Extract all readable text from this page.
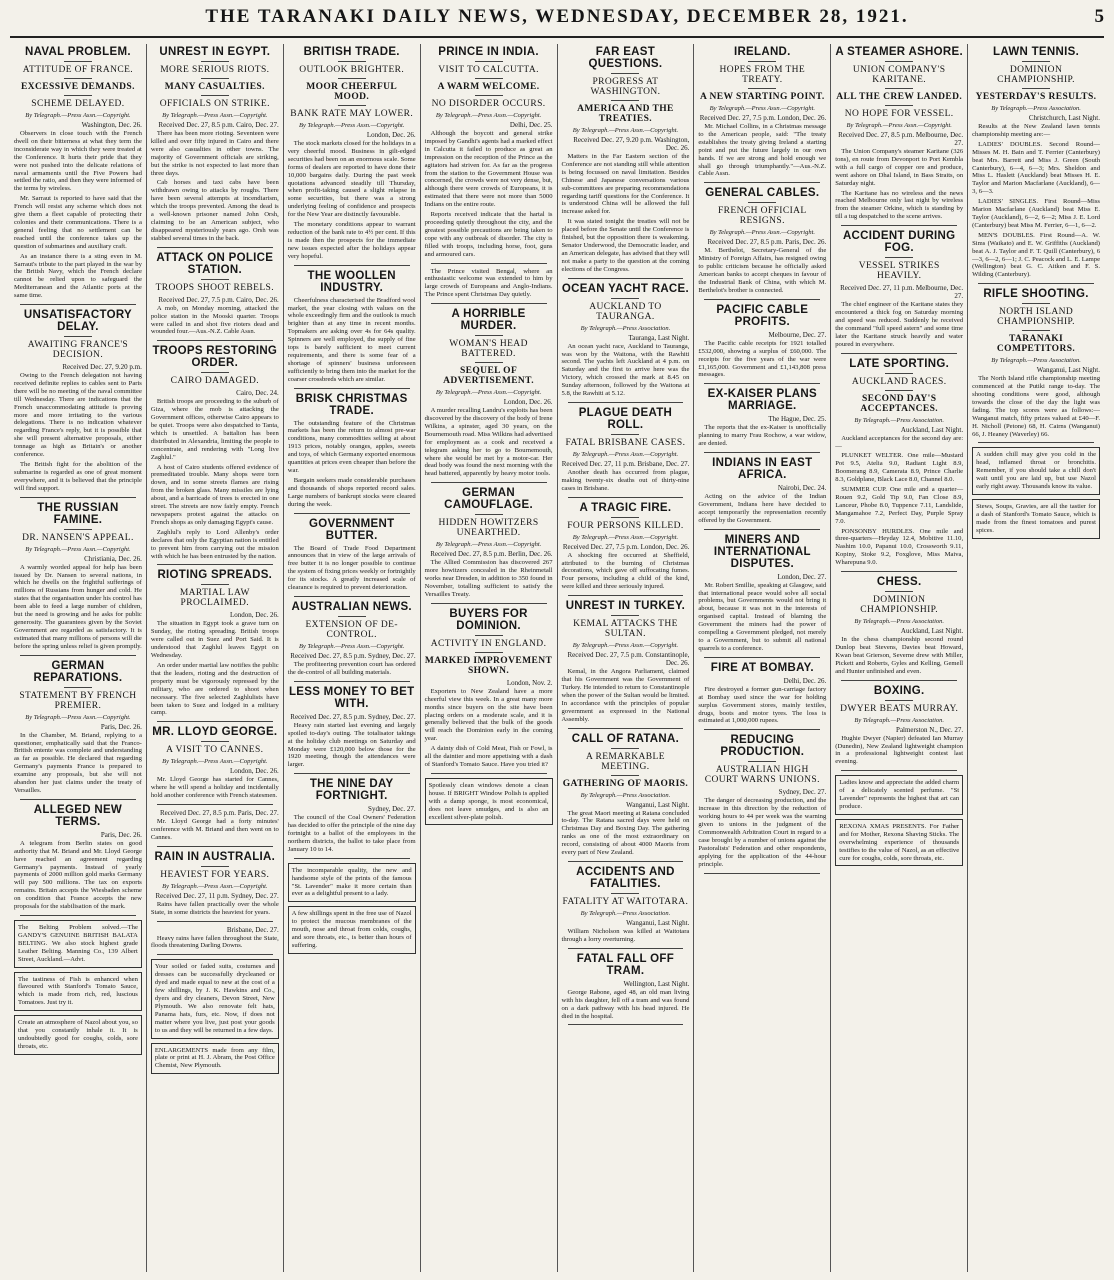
THE TARANAKI DAILY NEWS, WEDNESDAY, DECEMBER 28, 1921.	5
NAVAL PROBLEM.
ATTITUDE OF FRANCE.
EXCESSIVE DEMANDS.
SCHEME DELAYED.
By Telegraph.—Press Assn.—Copyright.
Washington, Dec. 26.

Observers in close touch with the French dwell on their bitterness at what they term the inconsiderate way in which they were treated at the Conference. It hurts their pride that they were not pushed into the delicate relations of naval armaments until the Five Powers had settled the ratio, and then they were informed of the terms by wireless.

Mr. Sarraut is reported to have said that the French will resist any scheme which does not give them a fleet capable of protecting their colonies and their communications. There is a general feeling that no settlement can be reached until the conference takes up the question of submarines and auxiliary craft.

As an instance there is a sting even in M. Sarraut's tribute to the part played in the war by the British Navy, which the French declare cannot be relied upon to safeguard the Mediterranean and the Atlantic ports at the same time.

UNSATISFACTORY DELAY.
AWAITING FRANCE'S DECISION.
Received Dec. 27, 9.20 p.m.

Owing to the French delegation not having received definite replies to cables sent to Paris there will be no meeting of the naval committee till Wednesday. There are indications that the French unaccommodating attitude is proving more and more irritating to the various delegations. There is no indication whatever regarding France's reply, but it is possible that she will present alternative proposals, either tonnage as high as Britain's or another conference.

The British fight for the abolition of the submarine is regarded as one of great moment everywhere, and it is believed that the principle will find support.

THE RUSSIAN FAMINE.
DR. NANSEN'S APPEAL.
By Telegraph.—Press Assn.—Copyright.
Christiania, Dec. 26.

A warmly worded appeal for help has been issued by Dr. Nansen to several nations, in which he dwells on the frightful sufferings of millions of Russians from hunger and cold. He states that the organisation under his control has been able to feed a large number of children, but the need is growing and he asks for public generosity. The guarantees given by the Soviet Government are regarded as satisfactory. It is estimated that many millions of persons will die before the spring unless relief is given promptly.

GERMAN REPARATIONS.
STATEMENT BY FRENCH PREMIER.
By Telegraph.—Press Assn.—Copyright.
Paris, Dec. 26.

In the Chamber, M. Briand, replying to a questioner, emphatically said that the Franco-British entente was complete and understanding as far as possible. He declared that regarding Germany's payments France is prepared to examine any proposals, but she will not abandon her just claims under the treaty of Versailles.

ALLEGED NEW TERMS.
Paris, Dec. 26.

A telegram from Berlin states on good authority that M. Briand and Mr. Lloyd George have reached an agreement regarding Germany's payments. Instead of yearly payments of 2000 million gold marks Germany will pay 500 millions. The tax on exports remains. Britain accepts the Wiesbaden scheme on condition that France accepts the new proposals for the stabilisation of the mark.

The Belting Problem solved.—The GANDY'S GENUINE BRITISH BALATA BELTING. We also stock highest grade Leather Belting. Manning Co., 139 Albert Street, Auckland.—Advt.
The tastiness of Fish is enhanced when flavoured with Stanford's Tomato Sauce, which is made from rich, red, luscious Tomatoes. Just try it.
Create an atmosphere of Nazol about you, so that you constantly inhale it. It is undoubtedly good for coughs, colds, sore throats, etc.
UNREST IN EGYPT.
MORE SERIOUS RIOTS.
MANY CASUALTIES.
OFFICIALS ON STRIKE.
By Telegraph.—Press Assn.—Copyright.
Received Dec. 27, 8.5 p.m. Cairo, Dec. 27.

There has been more rioting. Seventeen were killed and over fifty injured in Cairo and there were also casualties in other towns. The majority of Government officials are striking, but the strike is not expected to last more than three days.

Cab horses and taxi cabs have been withdrawn owing to attacks by roughs. There have been several attempts at incendiarism, which the troops prevented. Among the dead is a well-known prisoner named John Orsh, claiming to be an American subject, who disappeared mysteriously years ago. Orsh was stabbed several times in the back.

ATTACK ON POLICE STATION.
TROOPS SHOOT REBELS.
Received Dec. 27, 7.5 p.m. Cairo, Dec. 26.

A mob, on Monday morning, attacked the police station in the Mooski quarter. Troops were called in and shot five rioters dead and wounded four.—Aus.-N.Z. Cable Assn.

TROOPS RESTORING ORDER.
CAIRO DAMAGED.
Cairo, Dec. 24.

British troops are proceeding to the suburb of Giza, where the mob is attacking the Government offices, otherwise Cairo appears to be quiet. Troops were also despatched to Tanta, which is unsettled. A battalion has been distributed in Alexandria, limiting the people to concentrate, and rendering with "Long live Zaghlul."

A host of Cairo students offered evidence of premeditated trouble. Many shops were torn down, and in some streets flames are rising from the broken glass. Many missiles are lying about, and a barricade of trees is erected in one street. The streets are now fairly empty. French newspapers protest against the attacks on French shops as only damaging Egypt's cause.

Zaghlul's reply to Lord Allenby's order declares that only the Egyptian nation is entitled to prevent him from carrying out the mission with which he has been entrusted by the nation.

RIOTING SPREADS.
MARTIAL LAW PROCLAIMED.
London, Dec. 26.

The situation in Egypt took a grave turn on Sunday, the rioting spreading. British troops were called out in Suez and Port Said. It is understood that Zaghlul leaves Egypt on Wednesday.

An order under martial law notifies the public that the leaders, rioting and the destruction of property must be vigorously repressed by the military, who are ordered to shoot when necessary. The five selected Zaghlulists have been taken to Suez and lodged in a military camp.

MR. LLOYD GEORGE.
A VISIT TO CANNES.
By Telegraph.—Press Assn.—Copyright.
London, Dec. 26.

Mr. Lloyd George has started for Cannes, where he will spend a holiday and incidentally hold another conference with French statesmen.

Received Dec. 27, 8.5 p.m. Paris, Dec. 27.

Mr. Lloyd George had a forty minutes' conference with M. Briand and then went on to Cannes.

RAIN IN AUSTRALIA.
HEAVIEST FOR YEARS.
By Telegraph.—Press Assn.—Copyright.
Received Dec. 27, 11 p.m. Sydney, Dec. 27.

Rains have fallen practically over the whole State, in some districts the heaviest for years.

Brisbane, Dec. 27.

Heavy rains have fallen throughout the State, floods threatening Darling Downs.

Your soiled or faded suits, costumes and dresses can be successfully drycleaned or dyed and made equal to new at the cost of a few shillings, by J. K. Hawkins and Co., dyers and dry cleaners, Devon Street, New Plymouth. We also renovate felt hats, Panama hats, furs, etc. Now, if does not matter where you live, just post your goods to us and they will be returned in a few days.
ENLARGEMENTS made from any film, plate or print at H. J. Abram, the Post Office Chemist, New Plymouth.
BRITISH TRADE.
OUTLOOK BRIGHTER.
MOOR CHEERFUL MOOD.
BANK RATE MAY LOWER.
By Telegraph.—Press Assn.—Copyright.
London, Dec. 26.

The stock markets closed for the holidays in a very cheerful mood. Business in gilt-edged securities had been on an enormous scale. Some forms of dealers are reported to have done their 10,000 bargains daily. During the past week quotations advanced steadily till Thursday, when profit-taking caused a slight relapse in some securities, but there was a strong underlying feeling of confidence and prospects for the New Year are distinctly favourable.

The monetary conditions appear to warrant reduction of the bank rate to 4½ per cent. If this is made then the prospects for the immediate new issues expected after the holidays appear very hopeful.

THE WOOLLEN INDUSTRY.

Cheerfulness characterised the Bradford wool market, the year closing with values on the whole exceedingly firm and the outlook is much brighter than at any time in recent months. Topmakers are asking over 4s for 64s quality. Spinners are well employed, the supply of fine tops is barely sufficient to meet current requirements, and there is some fear of a shortage of spinners' business unforeseen sufficiently to bring them into the market for the coarser crossbreds which are similar.

BRISK CHRISTMAS TRADE.

The outstanding feature of the Christmas markets has been the return to almost pre-war conditions, many commodities selling at about 1913 prices, notably oranges, apples, sweets and toys, of which Germany exported enormous quantities at prices even cheaper than before the war.

Bargain seekers made considerable purchases and thousands of shops reported record sales. Large numbers of bankrupt stocks were cleared during the week.

GOVERNMENT BUTTER.

The Board of Trade Food Department announces that in view of the large arrivals of free butter it is no longer possible to continue the system of fixing prices weekly or fortnightly for its stocks. A greatly increased scale of clearance is required to prevent deterioration.

AUSTRALIAN NEWS.
EXTENSION OF DE-CONTROL.
By Telegraph.—Press Assn.—Copyright.
Received Dec. 27, 8.5 p.m. Sydney, Dec. 27.

The profiteering prevention court has ordered the de-control of all building materials.

LESS MONEY TO BET WITH.
Received Dec. 27, 8.5 p.m. Sydney, Dec. 27.

Heavy rain started last evening and largely spoiled to-day's outing. The totalisator takings at the holiday club meetings on Saturday and Monday were £120,000 below those for the 1920 meeting, though the attendances were larger.

THE NINE DAY FORTNIGHT.
Sydney, Dec. 27.

The council of the Coal Owners' Federation has decided to offer the principle of the nine day fortnight to a ballot of the employees in the northern districts, the ballot to take place from January 10 to 14.

The incomparable quality, the new and handsome style of the prints of the famous "St. Lavender" make it more certain than ever as a delightful present to a lady.
A few shillings spent in the free use of Nazol to protect the mucous membranes of the mouth, nose and throat from colds, coughs, and sore throats, etc., is better than hours of suffering.
PRINCE IN INDIA.
VISIT TO CALCUTTA.
A WARM WELCOME.
NO DISORDER OCCURS.
By Telegraph.—Press Assn.—Copyright.
Delhi, Dec. 25.

Although the boycott and general strike imposed by Gandhi's agents had a marked effect in Calcutta it failed to produce as great an impression on the reception of the Prince as the agitators had striven for. As far as the progress from the station to the Government House was concerned, the crowds were not very dense, but, although there were crowds of Europeans, it is estimated that there were not more than 5000 Indians on the entire route.

Reports received indicate that the hartal is proceeding quietly throughout the city, and the greatest possible precautions are being taken to cope with any outbreak of disorder. The city is filled with troops, including horse, foot, guns and armoured cars.

The Prince visited Bengal, where an enthusiastic welcome was extended to him by large crowds of Europeans and Anglo-Indians. The Prince spent Christmas Day quietly.

A HORRIBLE MURDER.
WOMAN'S HEAD BATTERED.
SEQUEL OF ADVERTISEMENT.
By Telegraph.—Press Assn.—Copyright.
London, Dec. 26.

A murder recalling Landru's exploits has been discovered by the discovery of the body of Irene Wilkins, a spinster, aged 30 years, on the Bournemouth road. Miss Wilkins had advertised for employment as a cook and received a telegram asking her to go to Bournemouth, where she would be met by a motor-car. Her dead body was found the next morning with the head battered, apparently by heavy motor tools.

GERMAN CAMOUFLAGE.
HIDDEN HOWITZERS UNEARTHED.
By Telegraph.—Press Assn.—Copyright.
Received Dec. 27, 8.5 p.m. Berlin, Dec. 26.

The Allied Commission has discovered 267 more howitzers concealed in the Rheinmetall works near Dresden, in addition to 350 found in November, totalling sufficient to satisfy the Versailles Treaty.

BUYERS FOR DOMINION.
ACTIVITY IN ENGLAND.
MARKED IMPROVEMENT SHOWN.
London, Nov. 2.

Exporters to New Zealand have a more cheerful view this week. In a great many more months since buyers on the site have been placing orders on a moderate scale, and it is generally believed that the bulk of the goods will reach the Dominion early in the coming year.

A dainty dish of Cold Meat, Fish or Fowl, is all the daintier and more appetising with a dash of Stanford's Tomato Sauce. Have you tried it?

Spotlessly clean windows denote a clean house. If BRIGHT Window Polish is applied with a damp sponge, is most economical, does not leave smudges, and is also an excellent silver-plate polish.
FAR EAST QUESTIONS.
PROGRESS AT WASHINGTON.
AMERICA AND THE TREATIES.
By Telegraph.—Press Assn.—Copyright.
Received Dec. 27, 9.20 p.m. Washington, Dec. 26.

Matters in the Far Eastern section of the Conference are not standing still while attention is being focussed on naval limitation. Besides Chinese and Japanese conversations various sub-committees are preparing recommendations regarding tariff questions for the Conference. It is understood China will be allowed the full increase asked for.

It was stated tonight the treaties will not be placed before the Senate until the Conference is finished, but the opposition there is weakening. Senator Underwood, the Democratic leader, and an American delegate, has advised that they will not make a party to the question at the coming elections of the Congress.

OCEAN YACHT RACE.
AUCKLAND TO TAURANGA.
By Telegraph.—Press Association.
Tauranga, Last Night.

An ocean yacht race, Auckland to Tauranga, was won by the Waitona, with the Rawhiti second. The yachts left Auckland at 4 p.m. on Saturday and the first to arrive here was the Victory, which crossed the mark at 8.45 on Sunday afternoon, followed by the Waitona at 5.8, the Rawhiti at 5.12.

PLAGUE DEATH ROLL.
FATAL BRISBANE CASES.
By Telegraph.—Press Assn.—Copyright.
Received Dec. 27, 11 p.m. Brisbane, Dec. 27.

Another death has occurred from plague, making twenty-six deaths out of thirty-nine cases in Brisbane.

A TRAGIC FIRE.
FOUR PERSONS KILLED.
By Telegraph.—Press Assn.—Copyright.
Received Dec. 27, 7.5 p.m. London, Dec. 26.

A shocking fire occurred at Sheffield, attributed to the burning of Christmas decorations, which gave off suffocating fumes. Four persons, including a child of the kind, were killed and three seriously injured.

UNREST IN TURKEY.
KEMAL ATTACKS THE SULTAN.
By Telegraph.—Press Assn.—Copyright.
Received Dec. 27, 7.5 p.m. Constantinople, Dec. 26.

Kemal, in the Angora Parliament, claimed that his Government was the Government of Turkey. He intended to return to Constantinople when the power of the Sultan would be limited. In accordance with the principles of popular government as expressed in the National Assembly.

CALL OF RATANA.
A REMARKABLE MEETING.
GATHERING OF MAORIS.
By Telegraph.—Press Association.
Wanganui, Last Night.

The great Maori meeting at Ratana concluded to-day. The Ratana sacred days were held on Christmas Day and Boxing Day. The gathering ranks as one of the most extraordinary on record, consisting of about 4000 Maoris from every part of New Zealand.

ACCIDENTS AND FATALITIES.
FATALITY AT WAITOTARA.
By Telegraph.—Press Association.
Wanganui, Last Night.

William Nicholson was killed at Waitotara through a lorry overturning.

FATAL FALL OFF TRAM.
Wellington, Last Night.

George Rabone, aged 48, an old man living with his daughter, fell off a tram and was found on a dark pathway with his head injured. He died in the hospital.

IRELAND.
HOPES FROM THE TREATY.
A NEW STARTING POINT.
By Telegraph.—Press Assn.—Copyright.
Received Dec. 27, 7.5 p.m. London, Dec. 26.

Mr. Michael Collins, in a Christmas message to the American people, said: "The treaty establishes the treaty giving Ireland a starting point and put the future largely in our own hands. If we are strong and hold enough we shall go through triumphantly."—Aus.-N.Z. Cable Assn.

GENERAL CABLES.
FRENCH OFFICIAL RESIGNS.
By Telegraph.—Press Assn.—Copyright.
Received Dec. 27, 8.5 p.m. Paris, Dec. 26.

M. Berthelot, Secretary-General of the Ministry of Foreign Affairs, has resigned owing to public criticism because he officially asked American banks to accept cheques in favour of the Industrial Bank of China, with which M. Berthelot's brother is connected.

PACIFIC CABLE PROFITS.
Melbourne, Dec. 27.

The Pacific cable receipts for 1921 totalled £532,000, showing a surplus of £60,000. The receipts for the five years of the war were £1,165,000. Government and £1,143,808 press messages.

EX-KAISER PLANS MARRIAGE.
The Hague, Dec. 25.

The reports that the ex-Kaiser is unofficially planning to marry Frau Rochow, a war widow, are denied.

INDIANS IN EAST AFRICA.
Nairobi, Dec. 24.

Acting on the advice of the Indian Government, Indians here have decided to accept temporarily the representation recently offered by the Government.

MINERS AND INTERNATIONAL DISPUTES.
London, Dec. 27.

Mr. Robert Smillie, speaking at Glasgow, said that international peace would solve all social problems, but Governments would not bring it about, because it was not in the interests of organised capital. Instead of blaming the Government the miners had the power of compelling a Government pledged, not merely to a Government, but to submit all national quarrels to a conference.

FIRE AT BOMBAY.
Delhi, Dec. 26.

Fire destroyed a former gun-carriage factory at Bombay used since the war for holding surplus Government stores, mainly textiles, drugs, boots and motor tyres. The loss is estimated at 1,000,000 rupees.

REDUCING PRODUCTION.
AUSTRALIAN HIGH COURT WARNS UNIONS.
Sydney, Dec. 27.

The danger of decreasing production, and the increase in this direction by the reduction of working hours to 44 per week was the warning given to unions in the judgment of the Commonwealth Arbitration Court in regard to a case brought by a number of unions against the Pastoralists' Federation and other respondents, applying for the application of the 44-hour principle.

A STEAMER ASHORE.
UNION COMPANY'S KARITANE.
ALL THE CREW LANDED.
NO HOPE FOR VESSEL.
By Telegraph.—Press Assn.—Copyright.
Received Dec. 27, 8.5 p.m. Melbourne, Dec. 27.

The Union Company's steamer Karitane (326 tons), en route from Devonport to Port Kembla with a full cargo of copper ore and produce, went ashore on Dhal Island, in Bass Straits, on Saturday night.

The Karitane has no wireless and the news reached Melbourne only last night by wireless from the steamer Orkine, which is standing by till a tug despatched to the scene arrives.

ACCIDENT DURING FOG.
VESSEL STRIKES HEAVILY.
Received Dec. 27, 11 p.m. Melbourne, Dec. 27.

The chief engineer of the Karitane states they encountered a thick fog on Saturday morning and speed was reduced. Suddenly he received the command "full speed astern" and some time later the Karitane struck heavily and water poured in everywhere.

LATE SPORTING.
AUCKLAND RACES.
SECOND DAY'S ACCEPTANCES.
By Telegraph.—Press Association.
Auckland, Last Night.

Auckland acceptances for the second day are:—

PLUNKET WELTER. One mile—Mustard Pot 9.5, Atelia 9.0, Radiant Light 8.9, Boomerang 8.9, Camerata 8.9, Prince Charlie 8.3, Goldplane, Black Lace 8.0, Channel 8.0.

SUMMER CUP. One mile and a quarter—Rouen 9.2, Gold Tip 9.0, Fan Close 8.9, Lanceur, Phobe 8.0, Tuppence 7.11, Landslide, Mangamahoe 7.2, Perfect Day, Purple Spray 7.0.

PONSONBY HURDLES. One mile and three-quarters—Heyday 12.4, Mobitive 11.10, Nashim 10.0, Papanui 10.0, Crossworth 9.11, Kopiny, Stoke 9.2, Foxglove, Miss Maiva, Wharepuna 9.0.

CHESS.
DOMINION CHAMPIONSHIP.
By Telegraph.—Press Association.
Auckland, Last Night.

In the chess championship second round Dunlop beat Stevens, Davies beat Howard, Kwan beat Grierson, Severne drew with Miller, Pickett and Roberts, Gyles and Kelling, Gemell and Hunter unfinished and even.

BOXING.
DWYER BEATS MURRAY.
By Telegraph.—Press Association.
Palmerston N., Dec. 27.

Hughie Dwyer (Napier) defeated Ian Murray (Dunedin), New Zealand lightweight champion in a professional lightweight contest last evening.

Ladies know and appreciate the added charm of a delicately scented perfume. "St Lavender" represents the highest that art can produce.
REXONA XMAS PRESENTS. For Father and for Mother, Rexona Shaving Sticks. The overwhelming experience of thousands testifies to the value of Nazol, as an effective cure for coughs, colds, sore throats, etc.
LAWN TENNIS.
DOMINION CHAMPIONSHIP.
YESTERDAY'S RESULTS.
By Telegraph.—Press Association.
Christchurch, Last Night.

Results at the New Zealand lawn tennis championship meeting are:—

LADIES' DOUBLES. Second Round—Misses M. H. Bain and T. Ferrier (Canterbury) beat Mrs. Barrett and Miss J. Green (South Canterbury), 6—4, 6—3; Mrs. Sheldon and Miss L. Haslett (Auckland) beat Misses H. E. Taylor and Marion Macfarlane (Auckland), 6—3, 6—3.

LADIES' SINGLES. First Round—Miss Marion Macfarlane (Auckland) beat Miss E. Taylor (Auckland), 6—2, 6—2; Miss J. E. Lord (Canterbury) beat Miss M. Ferrier, 6—1, 6—2.

MEN'S DOUBLES. First Round—A. W. Sims (Waikato) and E. W. Griffiths (Auckland) beat A. J. Taylor and F. T. Quill (Canterbury), 6—3, 6—2, 6—1; J. C. Peacock and L. E. Lampe (Wellington) beat G. C. Aitken and F. S. Wilding (Canterbury).

RIFLE SHOOTING.
NORTH ISLAND CHAMPIONSHIP.
TARANAKI COMPETITORS.
By Telegraph.—Press Association.
Wanganui, Last Night.

The North Island rifle championship meeting commenced at the Putiki range to-day. The shooting conditions were good, although towards the close of the day the light was fading. The top scores were as follows:—Wanganui match, fifty prizes valued at £40—F. H. Nicholl (Petone) 68, H. Cairns (Wanganui) 66, J. Heaney (Waverley) 66.

A sudden chill may give you cold in the head, inflamed throat or bronchitis. Remember, if you should take a chill don't wait until you are laid up, but use Nazol early right away. Thousands know its value.
Stews, Soups, Gravies, are all the tastier for a dash of Stanford's Tomato Sauce, which is made from the finest tomatoes and purest spices.
